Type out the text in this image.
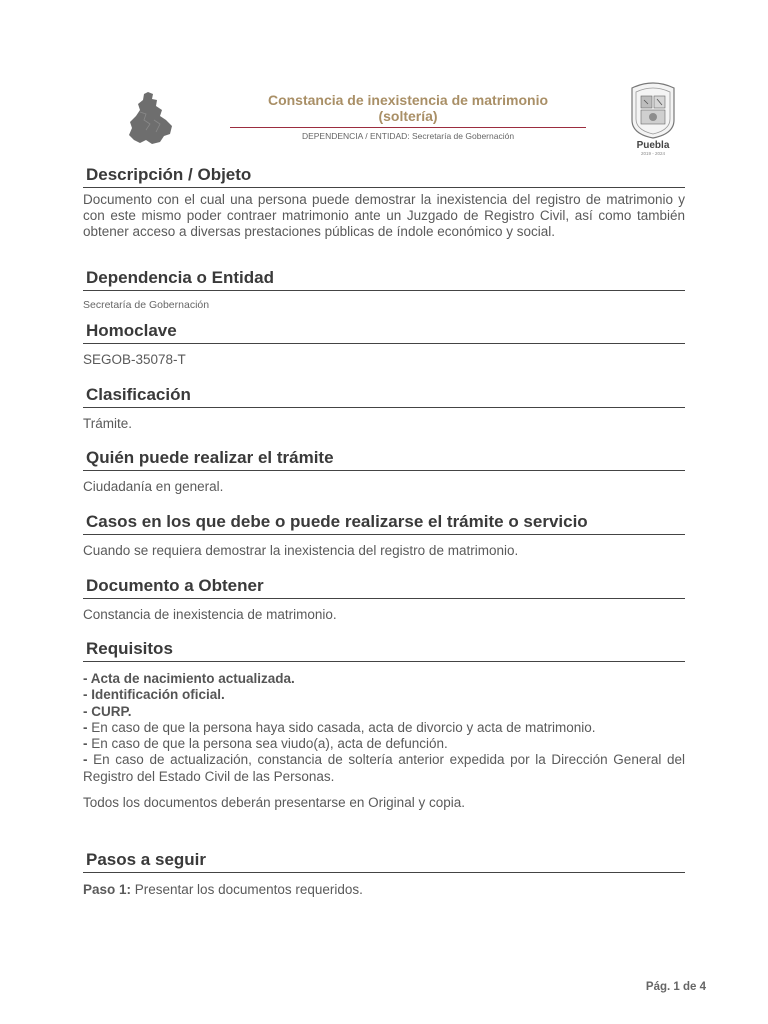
Constancia de inexistencia de matrimonio
(soltería)
DEPENDENCIA / ENTIDAD: Secretaría de Gobernación
Puebla
2019 - 2024
Descripción / Objeto
Documento con el cual una persona puede demostrar la inexistencia del registro de matrimonio y con este mismo poder contraer matrimonio ante un Juzgado de Registro Civil, así como también obtener acceso a diversas prestaciones públicas de índole económico y social.
Dependencia o Entidad
Secretaría de Gobernación
Homoclave
SEGOB-35078-T
Clasificación
Trámite.
Quién puede realizar el trámite
Ciudadanía en general.
Casos en los que debe o puede realizarse el trámite o servicio
Cuando se requiera demostrar la inexistencia del registro de matrimonio.
Documento a Obtener
Constancia de inexistencia de matrimonio.
Requisitos
- Acta de nacimiento actualizada.
- Identificación oficial.
- CURP.
- En caso de que la persona haya sido casada, acta de divorcio y acta de matrimonio.
- En caso de que la persona sea viudo(a), acta de defunción.
- En caso de actualización, constancia de soltería anterior expedida por la Dirección General del Registro del Estado Civil de las Personas.
Todos los documentos deberán presentarse en Original y copia.
Pasos a seguir
Paso 1: Presentar los documentos requeridos.
Pág. 1 de 4
